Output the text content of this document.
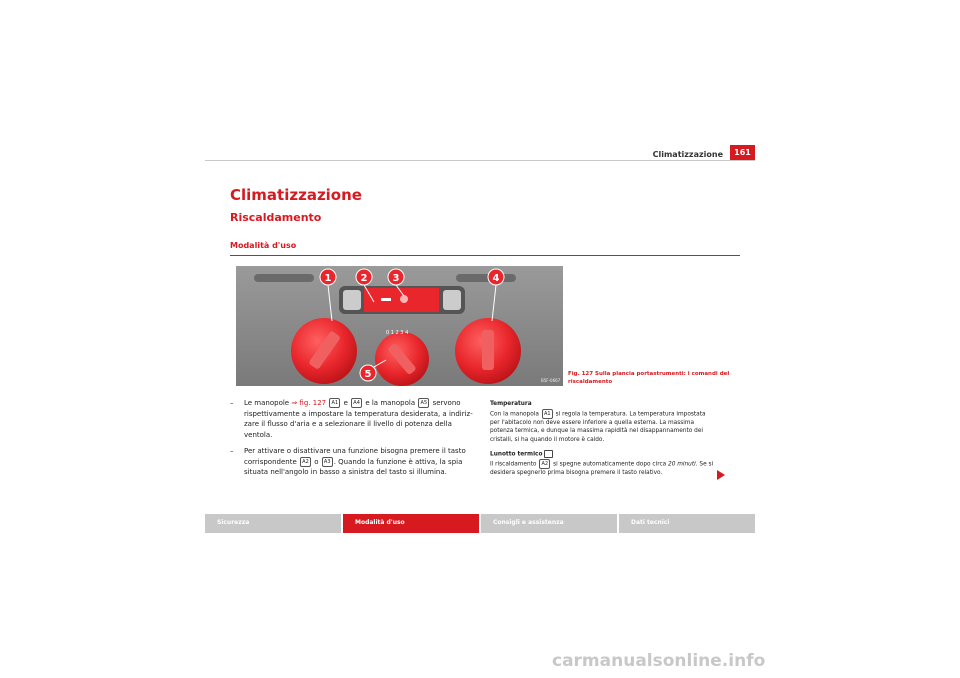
Climatizzazione	161
Climatizzazione
Riscaldamento
Modalità d'uso
0 1 2 3 4
1	2	3	4
5
B5F-0667
Fig. 127 Sulla plancia portastrumenti: i comandi del riscaldamento
– Le manopole ⇒ fig. 127 A1 e A4 e la manopola A5 servono rispettivamente a impostare la temperatura desiderata, a indiriz-zare il flusso d'aria e a selezionare il livello di potenza della ventola.
– Per attivare o disattivare una funzione bisogna premere il tasto corrispondente A2 o A3 . Quando la funzione è attiva, la spia situata nell'angolo in basso a sinistra del tasto si illumina.
Temperatura
Con la manopola A1 si regola la temperatura. La temperatura impostata per l'abitacolo non deve essere inferiore a quella esterna. La massima potenza termica, e dunque la massima rapidità nel disappannamento dei cristalli, si ha quando il motore è caldo.
Lunotto termico
Il riscaldamento A2 si spegne automaticamente dopo circa 20 minuti. Se si desidera spegnerlo prima bisogna premere il tasto relativo.
Sicurezza	Modalità d'uso	Consigli e assistenza	Dati tecnici
carmanualsonline.info
